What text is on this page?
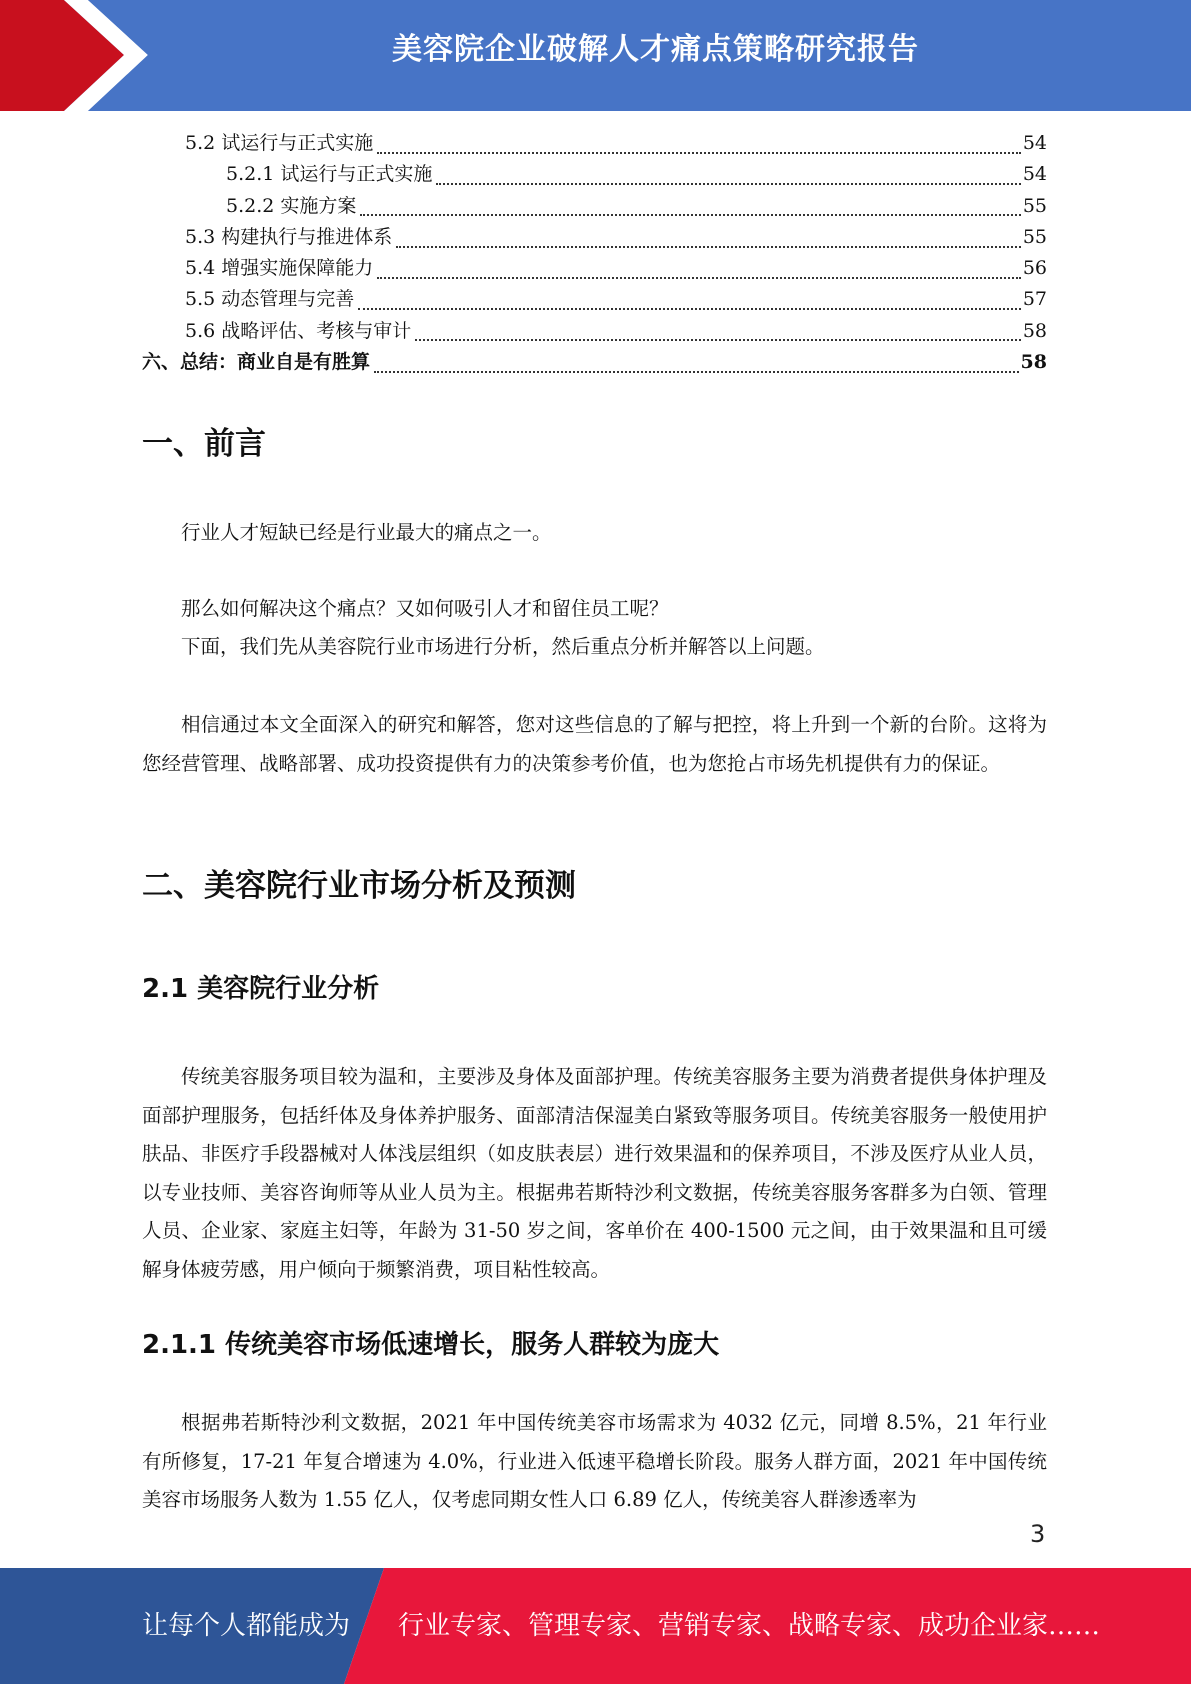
美容院企业破解人才痛点策略研究报告
5.2 试运行与正式实施	54
5.2.1 试运行与正式实施	54
5.2.2 实施方案	55
5.3 构建执行与推进体系	55
5.4 增强实施保障能力	56
5.5 动态管理与完善	57
5.6 战略评估、考核与审计	58
六、总结：商业自是有胜算	58
一、前言
行业人才短缺已经是行业最大的痛点之一。
那么如何解决这个痛点？又如何吸引人才和留住员工呢？
下面，我们先从美容院行业市场进行分析，然后重点分析并解答以上问题。
相信通过本文全面深入的研究和解答，您对这些信息的了解与把控，将上升到一个新的台阶。这将为您经营管理、战略部署、成功投资提供有力的决策参考价值，也为您抢占市场先机提供有力的保证。
二、美容院行业市场分析及预测
2.1 美容院行业分析
传统美容服务项目较为温和，主要涉及身体及面部护理。传统美容服务主要为消费者提供身体护理及面部护理服务，包括纤体及身体养护服务、面部清洁保湿美白紧致等服务项目。传统美容服务一般使用护肤品、非医疗手段器械对人体浅层组织（如皮肤表层）进行效果温和的保养项目，不涉及医疗从业人员，以专业技师、美容咨询师等从业人员为主。根据弗若斯特沙利文数据，传统美容服务客群多为白领、管理人员、企业家、家庭主妇等，年龄为 31-50 岁之间，客单价在 400-1500 元之间，由于效果温和且可缓解身体疲劳感，用户倾向于频繁消费，项目粘性较高。
2.1.1 传统美容市场低速增长，服务人群较为庞大
根据弗若斯特沙利文数据，2021 年中国传统美容市场需求为 4032 亿元，同增 8.5%，21 年行业有所修复，17-21 年复合增速为 4.0%，行业进入低速平稳增长阶段。服务人群方面，2021 年中国传统美容市场服务人数为 1.55 亿人，仅考虑同期女性人口 6.89 亿人，传统美容人群渗透率为
3
让每个人都能成为 行业专家、管理专家、营销专家、战略专家、成功企业家……
